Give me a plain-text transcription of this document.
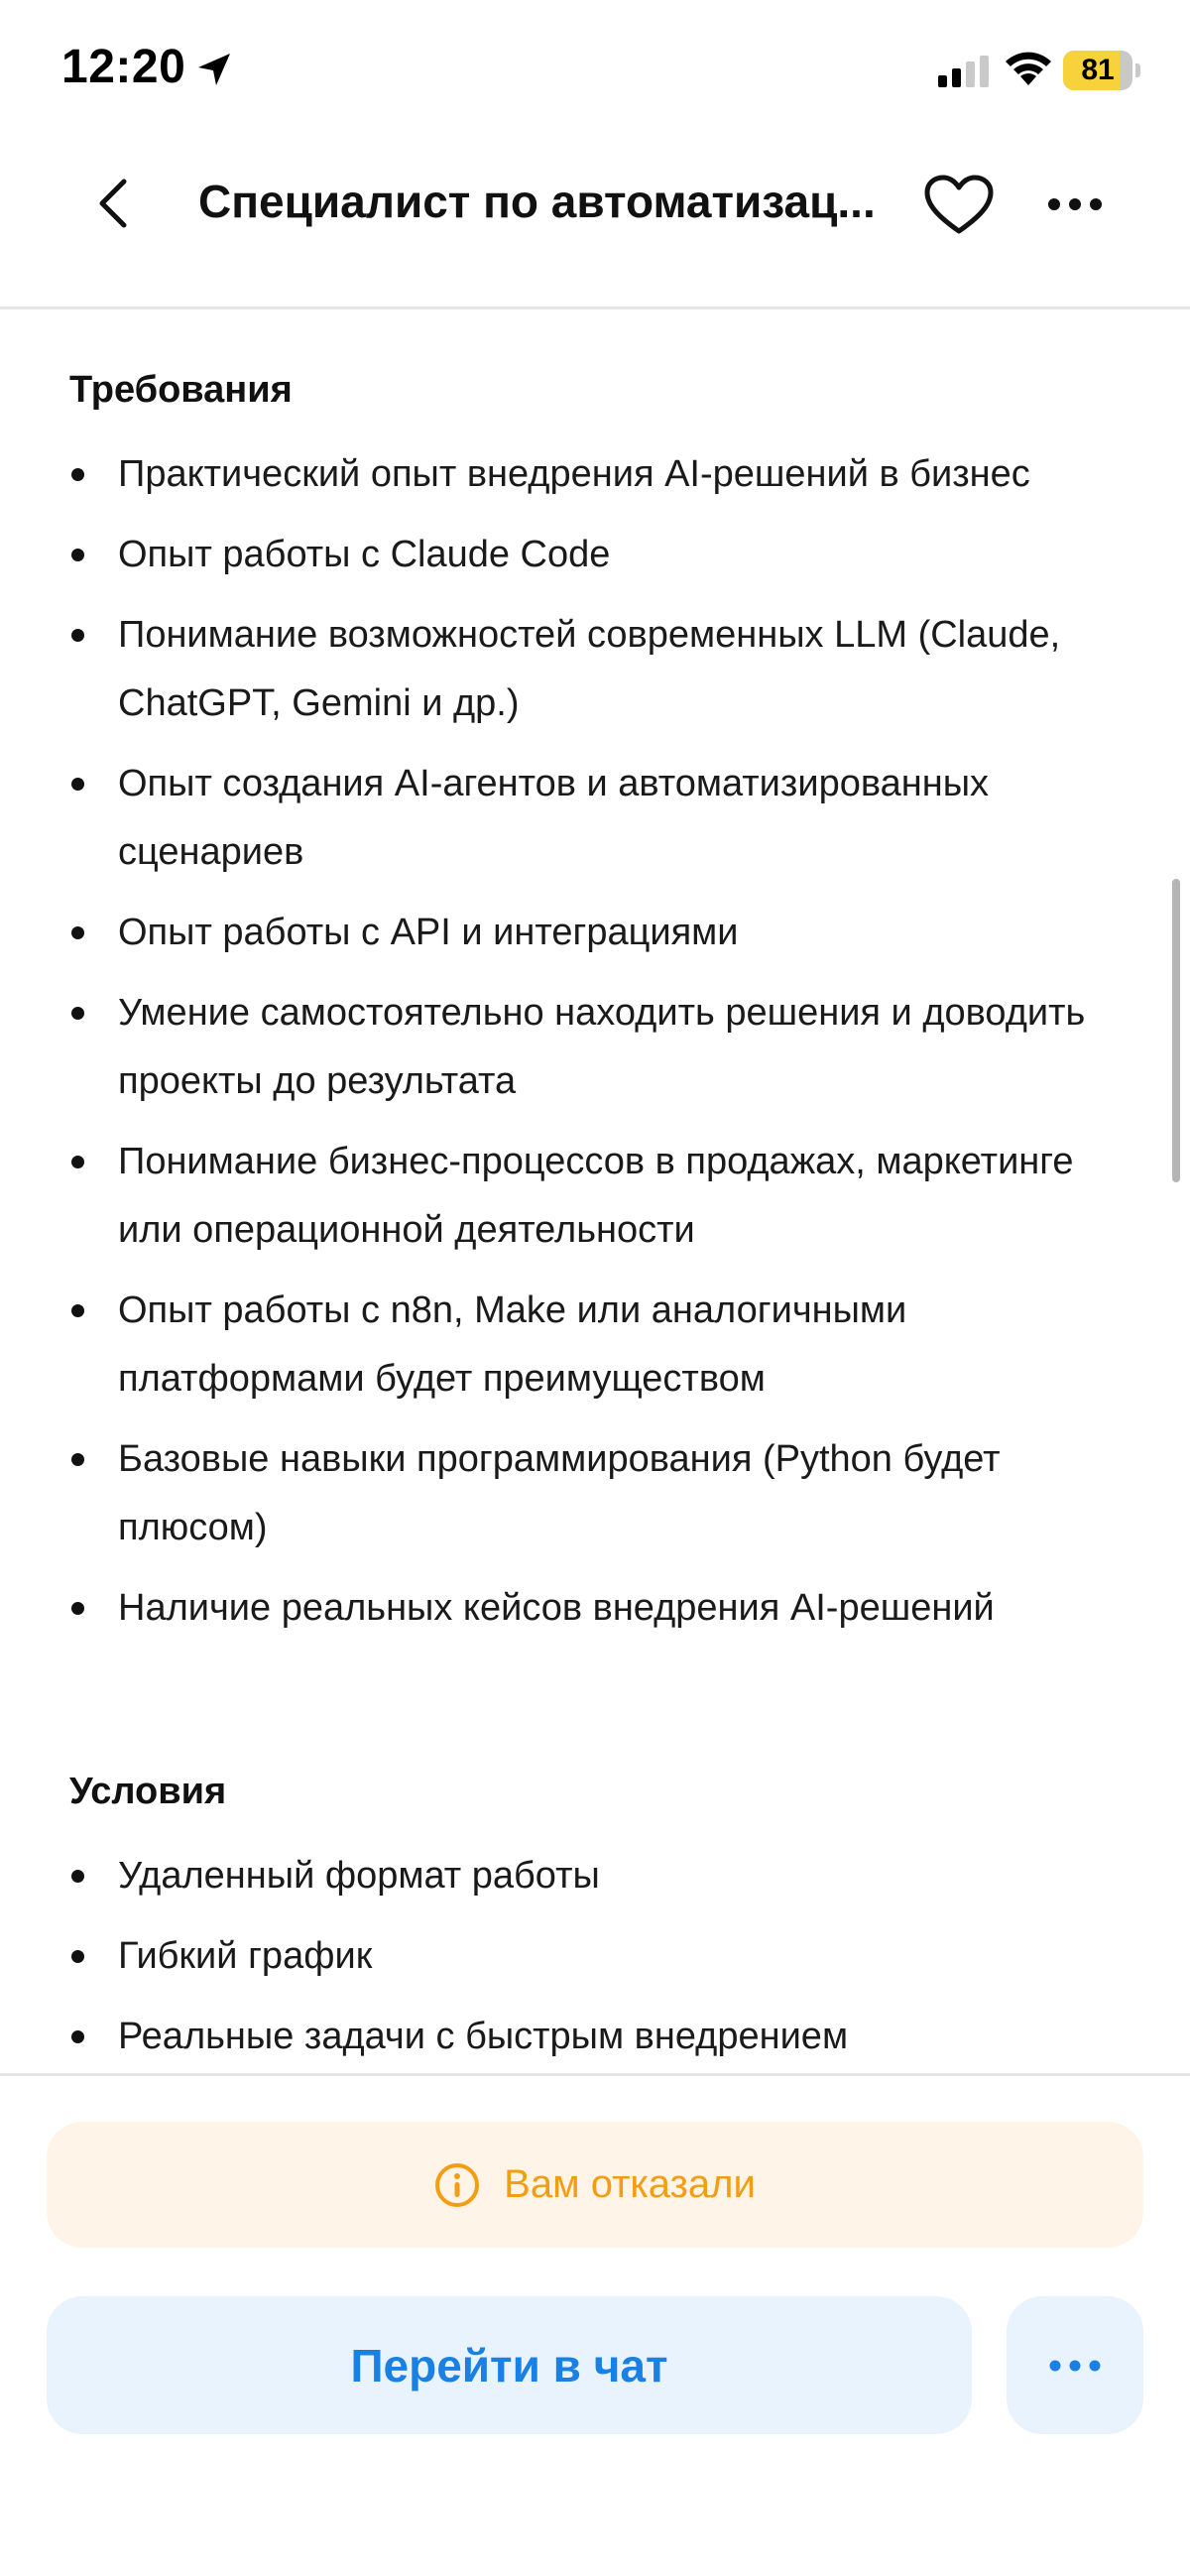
12:20	81
Специалист по автоматизац...
Требования
Практический опыт внедрения AI-решений в бизнес
Опыт работы с Claude Code
Понимание возможностей современных LLM (Claude, ChatGPT, Gemini и др.)
Опыт создания AI-агентов и автоматизированных сценариев
Опыт работы с API и интеграциями
Умение самостоятельно находить решения и доводить проекты до результата
Понимание бизнес-процессов в продажах, маркетинге или операционной деятельности
Опыт работы с n8n, Make или аналогичными платформами будет преимуществом
Базовые навыки программирования (Python будет плюсом)
Наличие реальных кейсов внедрения AI-решений
Условия
Удаленный формат работы
Гибкий график
Реальные задачи с быстрым внедрением
Вам отказали
Перейти в чат
